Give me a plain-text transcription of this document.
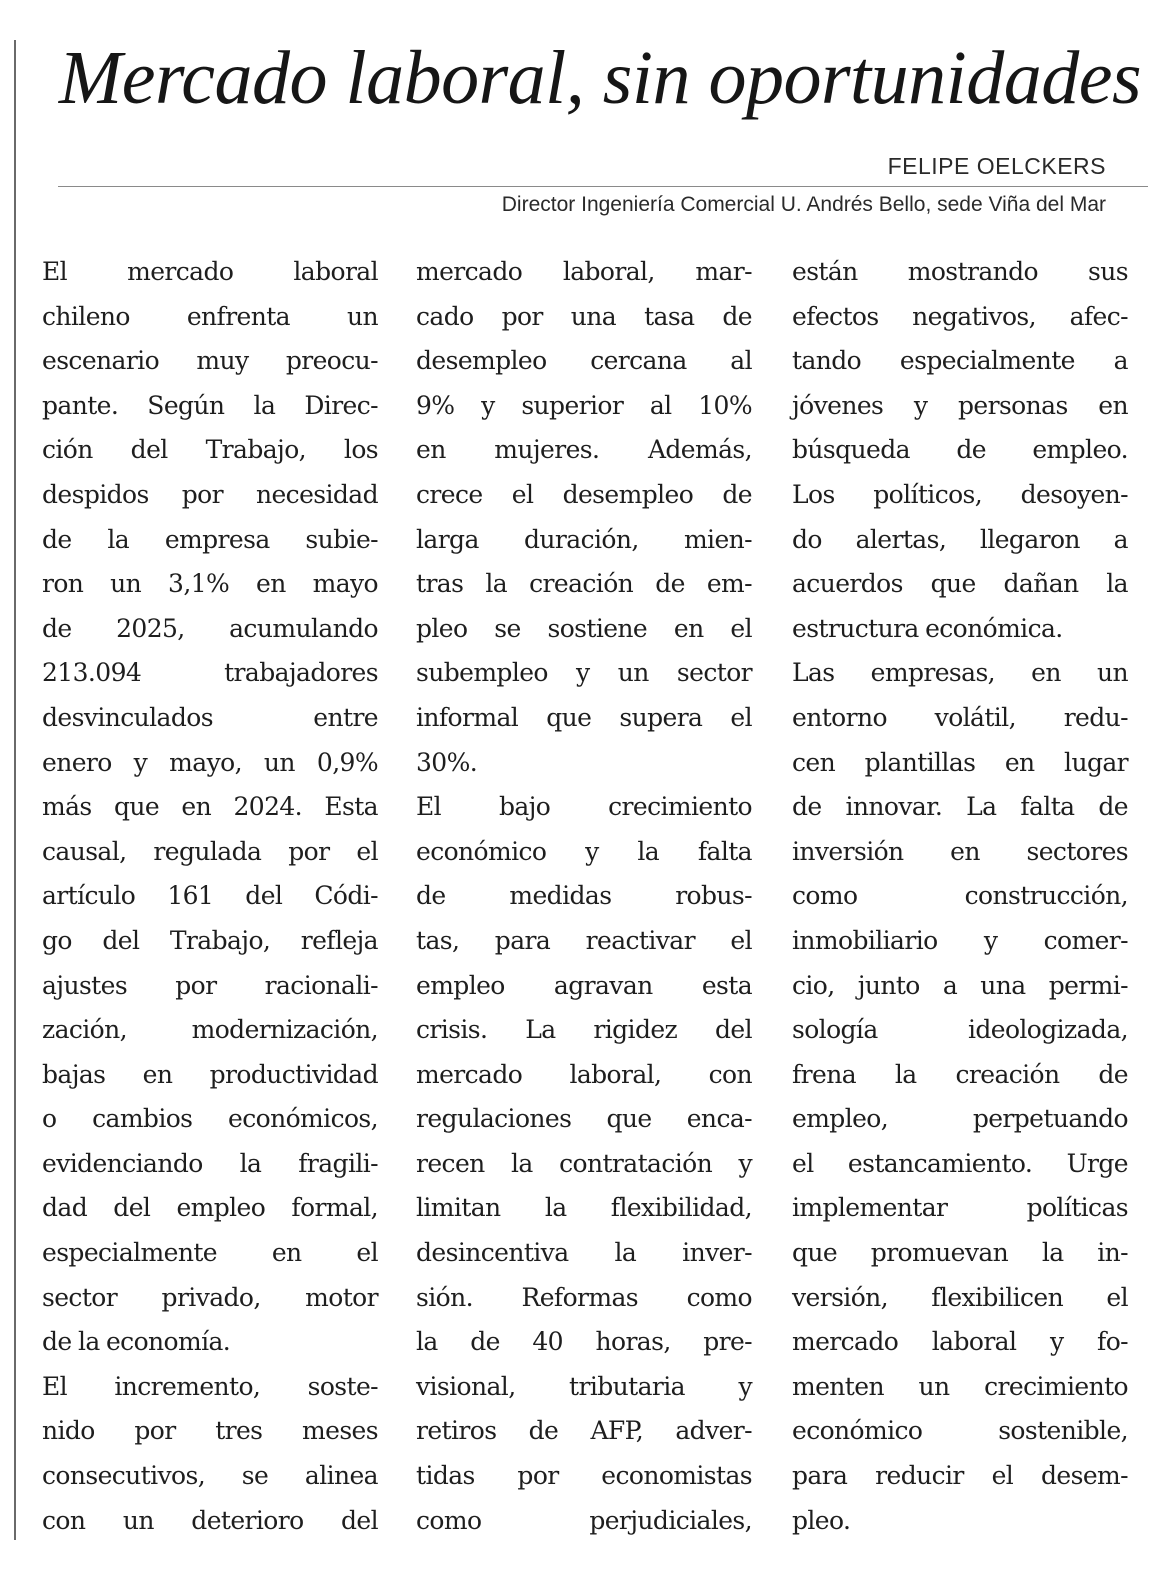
Mercado laboral, sin oportunidades
FELIPE OELCKERS
Director Ingeniería Comercial U. Andrés Bello, sede Viña del Mar

El mercado laboral

chileno enfrenta un

escenario muy preocu-

pante. Según la Direc-

ción del Trabajo, los

despidos por necesidad

de la empresa subie-

ron un 3,1% en mayo

de 2025, acumulando

213.094 trabajadores

desvinculados entre

enero y mayo, un 0,9%

más que en 2024. Esta

causal, regulada por el

artículo 161 del Códi-

go del Trabajo, refleja

ajustes por racionali-

zación, modernización,

bajas en productividad

o cambios económicos,

evidenciando la fragili-

dad del empleo formal,

especialmente en el

sector privado, motor

de la economía.

El incremento, soste-

nido por tres meses

consecutivos, se alinea

con un deterioro del

mercado laboral, mar-

cado por una tasa de

desempleo cercana al

9% y superior al 10%

en mujeres. Además,

crece el desempleo de

larga duración, mien-

tras la creación de em-

pleo se sostiene en el

subempleo y un sector

informal que supera el

30%.

El bajo crecimiento

económico y la falta

de medidas robus-

tas, para reactivar el

empleo agravan esta

crisis. La rigidez del

mercado laboral, con

regulaciones que enca-

recen la contratación y

limitan la flexibilidad,

desincentiva la inver-

sión. Reformas como

la de 40 horas, pre-

visional, tributaria y

retiros de AFP, adver-

tidas por economistas

como perjudiciales,

están mostrando sus

efectos negativos, afec-

tando especialmente a

jóvenes y personas en

búsqueda de empleo.

Los políticos, desoyen-

do alertas, llegaron a

acuerdos que dañan la

estructura económica.

Las empresas, en un

entorno volátil, redu-

cen plantillas en lugar

de innovar. La falta de

inversión en sectores

como construcción,

inmobiliario y comer-

cio, junto a una permi-

sología ideologizada,

frena la creación de

empleo, perpetuando

el estancamiento. Urge

implementar políticas

que promuevan la in-

versión, flexibilicen el

mercado laboral y fo-

menten un crecimiento

económico sostenible,

para reducir el desem-

pleo.
